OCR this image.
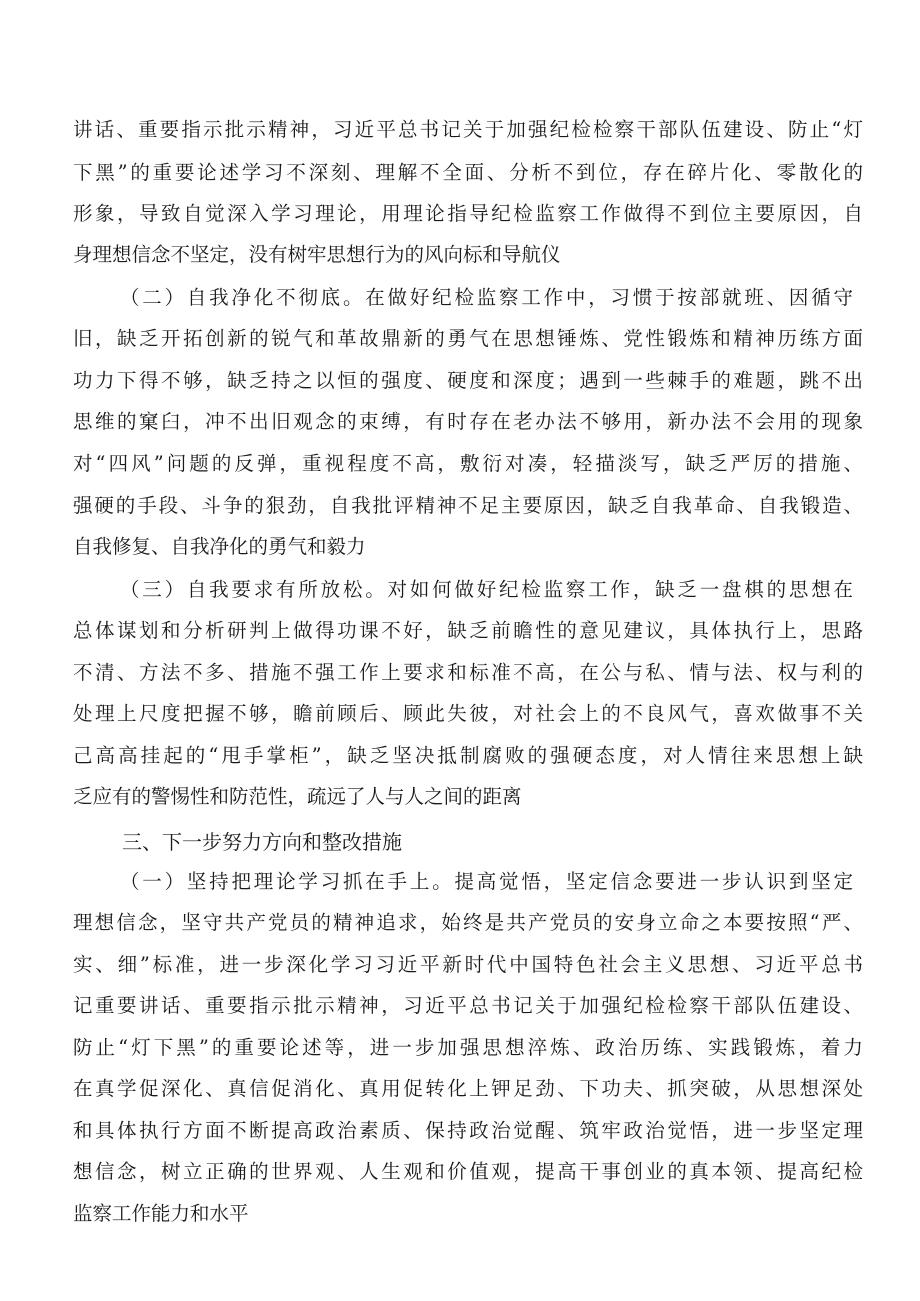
讲话、重要指示批示精神，习近平总书记关于加强纪检检察干部队伍建设、防止“灯
下黑”的重要论述学习不深刻、理解不全面、分析不到位，存在碎片化、零散化的
形象，导致自觉深入学习理论，用理论指导纪检监察工作做得不到位主要原因，自
身理想信念不坚定，没有树牢思想行为的风向标和导航仪
（二）自我净化不彻底。在做好纪检监察工作中，习惯于按部就班、因循守
旧，缺乏开拓创新的锐气和革故鼎新的勇气在思想锤炼、党性锻炼和精神历练方面
功力下得不够，缺乏持之以恒的强度、硬度和深度；遇到一些棘手的难题，跳不出
思维的窠臼，冲不出旧观念的束缚，有时存在老办法不够用，新办法不会用的现象
对“四风”问题的反弹，重视程度不高，敷衍对凑，轻描淡写，缺乏严厉的措施、
强硬的手段、斗争的狠劲，自我批评精神不足主要原因，缺乏自我革命、自我锻造、
自我修复、自我净化的勇气和毅力
（三）自我要求有所放松。对如何做好纪检监察工作，缺乏一盘棋的思想在
总体谋划和分析研判上做得功课不好，缺乏前瞻性的意见建议，具体执行上，思路
不清、方法不多、措施不强工作上要求和标准不高，在公与私、情与法、权与利的
处理上尺度把握不够，瞻前顾后、顾此失彼，对社会上的不良风气，喜欢做事不关
己高高挂起的“甩手掌柜”，缺乏坚决抵制腐败的强硬态度，对人情往来思想上缺
乏应有的警惕性和防范性，疏远了人与人之间的距离
三、下一步努力方向和整改措施
（一）坚持把理论学习抓在手上。提高觉悟，坚定信念要进一步认识到坚定
理想信念，坚守共产党员的精神追求，始终是共产党员的安身立命之本要按照“严、
实、细”标准，进一步深化学习习近平新时代中国特色社会主义思想、习近平总书
记重要讲话、重要指示批示精神，习近平总书记关于加强纪检检察干部队伍建设、
防止“灯下黑”的重要论述等，进一步加强思想淬炼、政治历练、实践锻炼，着力
在真学促深化、真信促消化、真用促转化上钾足劲、下功夫、抓突破，从思想深处
和具体执行方面不断提高政治素质、保持政治觉醒、筑牢政治觉悟，进一步坚定理
想信念，树立正确的世界观、人生观和价值观，提高干事创业的真本领、提高纪检
监察工作能力和水平
